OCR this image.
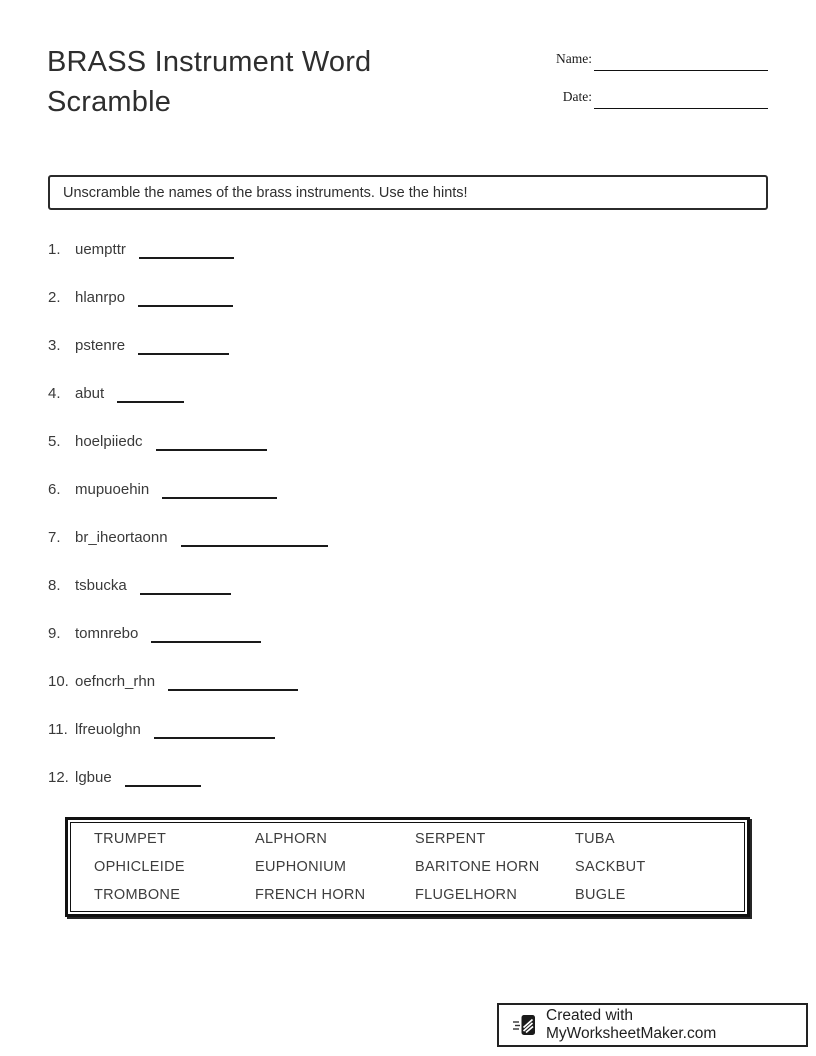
BRASS Instrument Word Scramble
Name:
Date:
Unscramble the names of the brass instruments. Use the hints!
1. uempttr
2. hlanrpo
3. pstenre
4. abut
5. hoelpiiedc
6. mupuoehin
7. br_iheortaonn
8. tsbucka
9. tomnrebo
10. oefncrh_rhn
11. lfreuolghn
12. lgbue
TRUMPET	ALPHORN	SERPENT	TUBA
OPHICLEIDE	EUPHONIUM	BARITONE HORN	SACKBUT
TROMBONE	FRENCH HORN	FLUGELHORN	BUGLE
Created with MyWorksheetMaker.com
